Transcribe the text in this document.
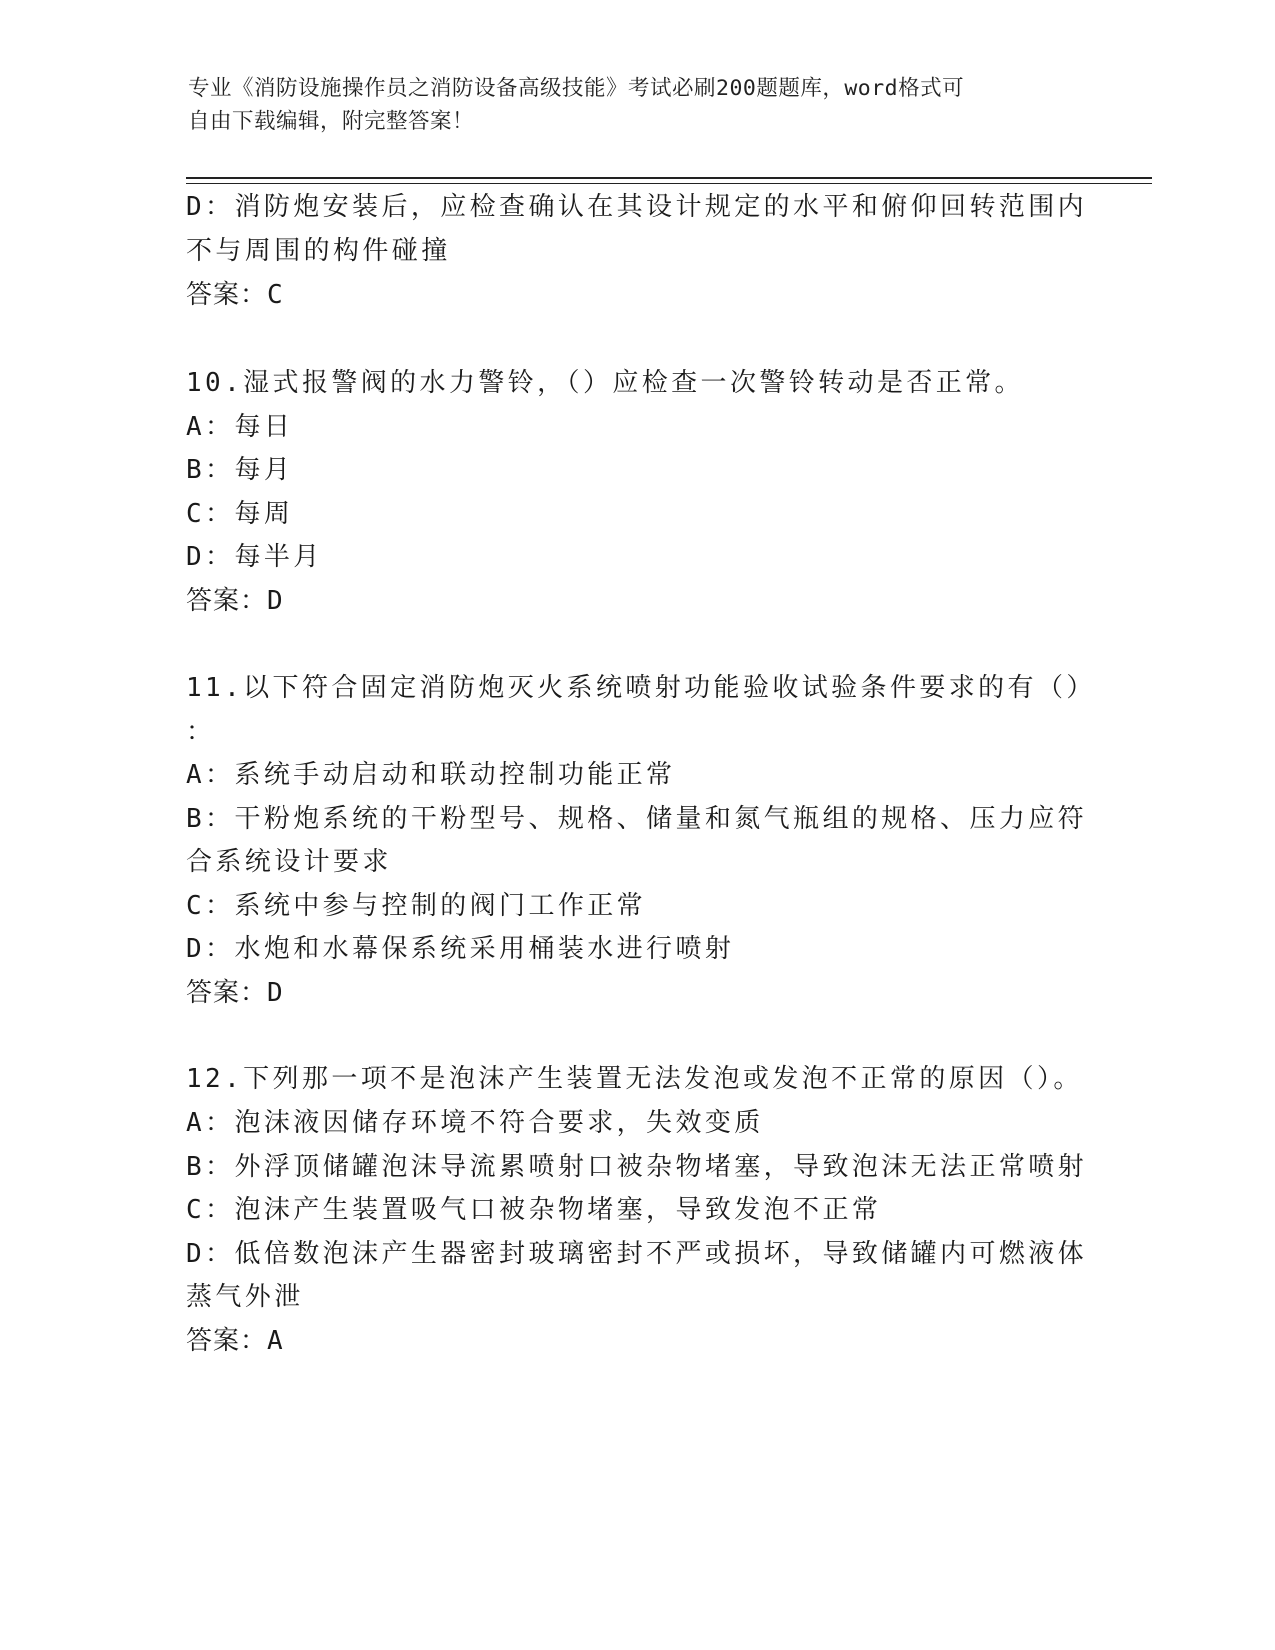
专业《消防设施操作员之消防设备高级技能》考试必刷200题题库，word格式可
自由下载编辑，附完整答案！
D：消防炮安装后，应检查确认在其设计规定的水平和俯仰回转范围内
不与周围的构件碰撞
答案：C
10.湿式报警阀的水力警铃，（）应检查一次警铃转动是否正常。
A：每日
B：每月
C：每周
D：每半月
答案：D
11.以下符合固定消防炮灭火系统喷射功能验收试验条件要求的有（）
：
A：系统手动启动和联动控制功能正常
B：干粉炮系统的干粉型号、规格、储量和氮气瓶组的规格、压力应符
合系统设计要求
C：系统中参与控制的阀门工作正常
D：水炮和水幕保系统采用桶装水进行喷射
答案：D
12.下列那一项不是泡沫产生装置无法发泡或发泡不正常的原因（）。
A：泡沫液因储存环境不符合要求，失效变质
B：外浮顶储罐泡沫导流累喷射口被杂物堵塞，导致泡沫无法正常喷射
C：泡沫产生装置吸气口被杂物堵塞，导致发泡不正常
D：低倍数泡沫产生器密封玻璃密封不严或损坏，导致储罐内可燃液体
蒸气外泄
答案：A
